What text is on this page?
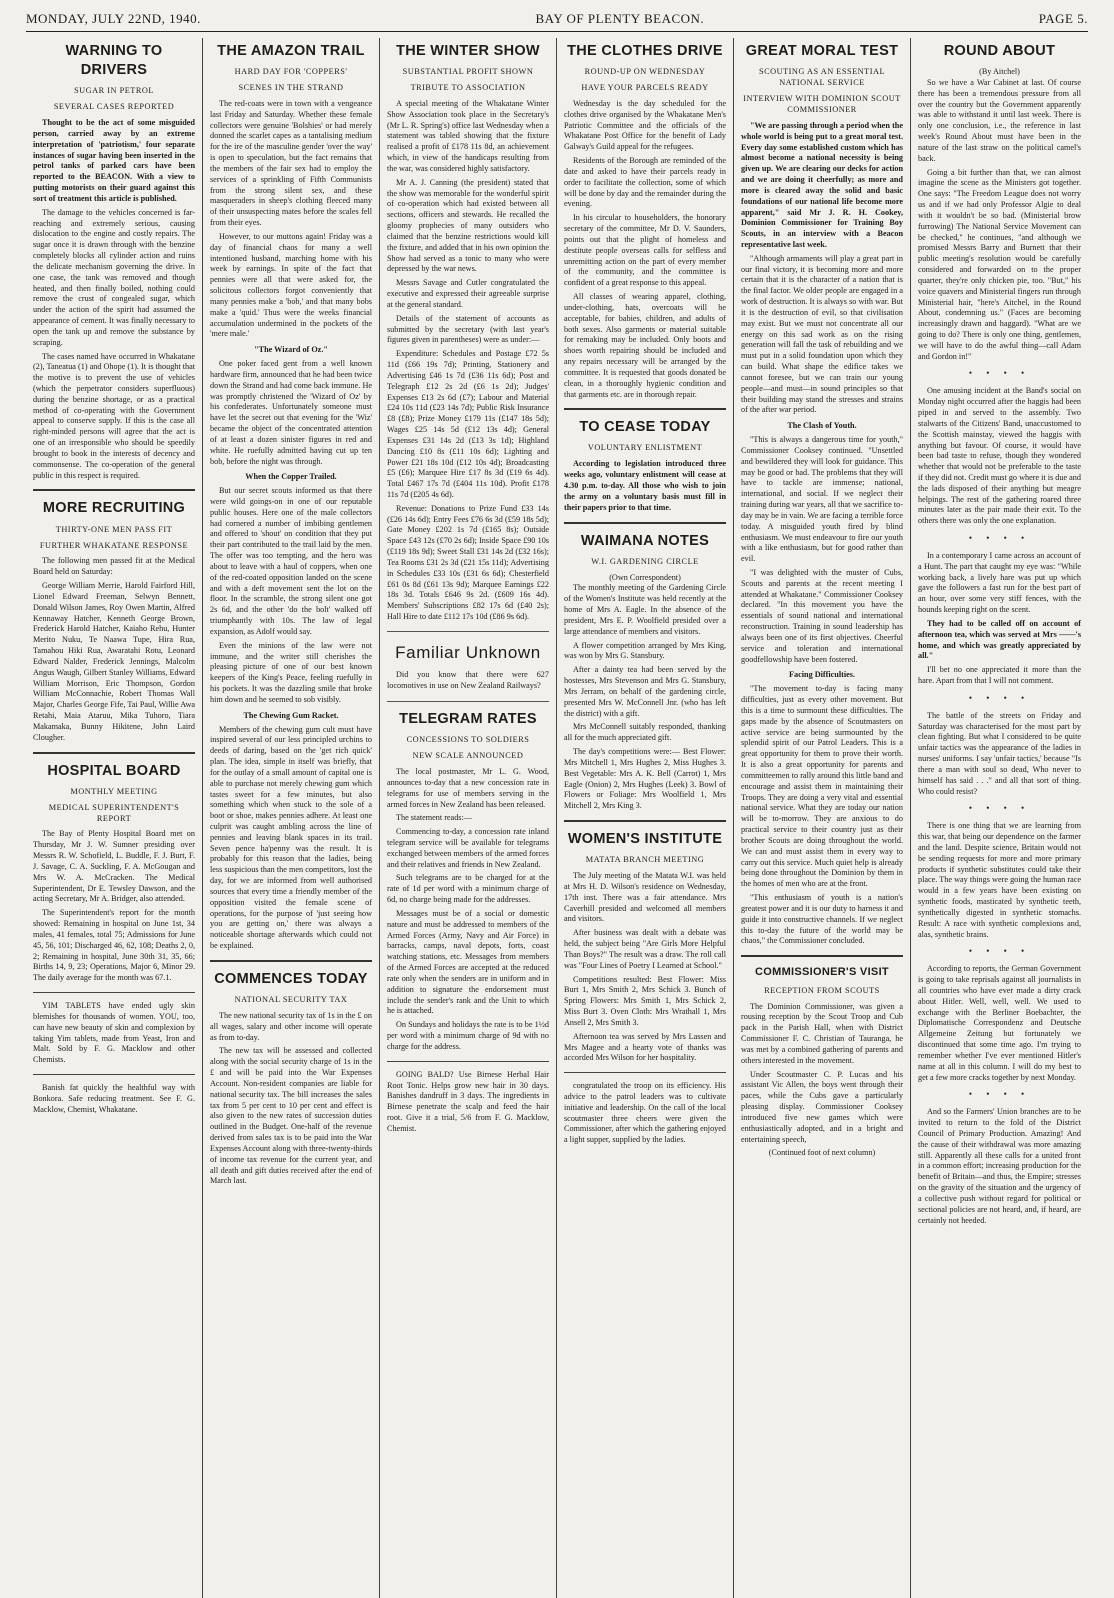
MONDAY, JULY 22ND, 1940.	BAY OF PLENTY BEACON.	PAGE 5.
WARNING TO DRIVERS
SUGAR IN PETROL
SEVERAL CASES REPORTED

Thought to be the act of some misguided person, carried away by an extreme interpretation of 'patriotism,' four separate instances of sugar having been inserted in the petrol tanks of parked cars have been reported to the BEACON. With a view to putting motorists on their guard against this sort of treatment this article is published.

The damage to the vehicles concerned is far-reaching and extremely serious, causing dislocation to the engine and costly repairs. The sugar once it is drawn through with the benzine completely blocks all cylinder action and ruins the delicate mechanism governing the drive. In one case, the tank was removed and though heated, and then finally boiled, nothing could remove the crust of congealed sugar, which under the action of the spirit had assumed the appearance of cement. It was finally necessary to open the tank up and remove the substance by scraping.

The cases named have occurred in Whakatane (2), Taneatua (1) and Ohope (1). It is thought that the motive is to prevent the use of vehicles (which the perpetrator considers superfluous) during the benzine shortage, or as a practical method of co-operating with the Government appeal to conserve supply. If this is the case all right-minded persons will agree that the act is one of an irresponsible who should be speedily brought to book in the interests of decency and commonsense. The co-operation of the general public in this respect is required.

MORE RECRUITING
THIRTY-ONE MEN PASS FIT
FURTHER WHAKATANE RESPONSE

The following men passed fit at the Medical Board held on Saturday:

George William Merrie, Harold Fairford Hill, Lionel Edward Freeman, Selwyn Bennett, Donald Wilson James, Roy Owen Martin, Alfred Kennaway Hatcher, Kenneth George Brown, Frederick Harold Hatcher, Kaiaho Rehu, Hunter Merito Nuku, Te Naawa Tupe, Hira Rua, Tamahou Hiki Rua, Awaratahi Rotu, Leonard Edward Nalder, Frederick Jennings, Malcolm Angus Waugh, Gilbert Stanley Williams, Edward William Morrison, Eric Thompson, Gordon William McConnachie, Robert Thomas Wall Major, Charles George Fife, Tai Paul, Willie Awa Retahi, Maia Ataruu, Mika Tuhoro, Tiara Makamaka, Bunny Hikitene, John Laird Clougher.

HOSPITAL BOARD
MONTHLY MEETING
MEDICAL SUPERINTENDENT'S REPORT

The Bay of Plenty Hospital Board met on Thursday, Mr J. W. Sumner presiding over Messrs R. W. Schofield, L. Buddle, F. J. Burt, F. J. Savage, C. A. Suckling, F. A. McGougan and Mrs W. A. McCracken. The Medical Superintendent, Dr E. Tewsley Dawson, and the acting Secretary, Mr A. Bridger, also attended.

The Superintendent's report for the month showed: Remaining in hospital on June 1st, 34 males, 41 females, total 75; Admissions for June 45, 56, 101; Discharged 46, 62, 108; Deaths 2, 0, 2; Remaining in hospital, June 30th 31, 35, 66; Births 14, 9, 23; Operations, Major 6, Minor 29. The daily average for the month was 67.1.

YIM TABLETS have ended ugly skin blemishes for thousands of women. YOU, too, can have new beauty of skin and complexion by taking Yim tablets, made from Yeast, Iron and Malt. Sold by F. G. Macklow and other Chemists.

Banish fat quickly the healthful way with Bonkora. Safe reducing treatment. See F. G. Macklow, Chemist, Whakatane.

THE AMAZON TRAIL
HARD DAY FOR 'COPPERS'
SCENES IN THE STRAND

The red-coats were in town with a vengeance last Friday and Saturday. Whether these female collectors were genuine 'Bolshies' or had merely donned the scarlet capes as a tantalising medium for the ire of the masculine gender 'over the way' is open to speculation, but the fact remains that the members of the fair sex had to employ the services of a sprinkling of Fifth Communists from the strong silent sex, and these masqueraders in sheep's clothing fleeced many of their unsuspecting mates before the scales fell from their eyes.

However, to our muttons again! Friday was a day of financial chaos for many a well intentioned husband, marching home with his week by earnings. In spite of the fact that pennies were all that were asked for, the solicitous collectors forgot conveniently that many pennies make a 'bob,' and that many bobs make a 'quid.' Thus were the weeks financial accumulation undermined in the pockets of the 'mere male.'

"The Wizard of Oz."

One poker faced gent from a well known hardware firm, announced that he had been twice down the Strand and had come back immune. He was promptly christened the 'Wizard of Oz' by his confederates. Unfortunately someone must have let the secret out that evening for the 'Wiz' became the object of the concentrated attention of at least a dozen sinister figures in red and white. He ruefully admitted having cut up ten bob, before the night was through.

When the Copper Trailed.

But our secret scouts informed us that there were wild goings-on in one of our reputable public houses. Here one of the male collectors had cornered a number of imbibing gentlemen and offered to 'shout' on condition that they put their part contributed to the trail laid by the men. The offer was too tempting, and the hero was about to leave with a haul of coppers, when one of the red-coated opposition landed on the scene and with a deft movement sent the lot on the floor. In the scramble, the strong silent one got 2s 6d, and the other 'do the bolt' walked off triumphantly with 10s. The law of legal expansion, as Adolf would say.

Even the minions of the law were not immune, and the writer still cherishes the pleasing picture of one of our best known keepers of the King's Peace, feeling ruefully in his pockets. It was the dazzling smile that broke him down and he seemed to sob visibly.

The Chewing Gum Racket.

Members of the chewing gum cult must have inspired several of our less principled urchins to deeds of daring, based on the 'get rich quick' plan. The idea, simple in itself was briefly, that for the outlay of a small amount of capital one is able to purchase not merely chewing gum which tastes sweet for a few minutes, but also something which when stuck to the sole of a boot or shoe, makes pennies adhere. At least one culprit was caught ambling across the line of pennies and leaving blank spaces in its trail. Seven pence ha'penny was the result. It is probably for this reason that the ladies, being less suspicious than the men competitors, lost the day, for we are informed from well authorised sources that every time a friendly member of the opposition visited the female scene of operations, for the purpose of 'just seeing how you are getting on,' there was always a noticeable shortage afterwards which could not be explained.

COMMENCES TODAY
NATIONAL SECURITY TAX

The new national security tax of 1s in the £ on all wages, salary and other income will operate as from to-day.

The new tax will be assessed and collected along with the social security charge of 1s in the £ and will be paid into the War Expenses Account. Non-resident companies are liable for national security tax. The bill increases the sales tax from 5 per cent to 10 per cent and effect is also given to the new rates of succession duties outlined in the Budget. One-half of the revenue derived from sales tax is to be paid into the War Expenses Account along with three-twenty-thirds of income tax revenue for the current year, and all death and gift duties received after the end of March last.

THE WINTER SHOW
SUBSTANTIAL PROFIT SHOWN
TRIBUTE TO ASSOCIATION

A special meeting of the Whakatane Winter Show Association took place in the Secretary's (Mr L. R. Spring's) office last Wednesday when a statement was tabled showing that the fixture realised a profit of £178 11s 8d, an achievement which, in view of the handicaps resulting from the war, was considered highly satisfactory.

Mr A. J. Canning (the president) stated that the show was memorable for the wonderful spirit of co-operation which had existed between all sections, officers and stewards. He recalled the gloomy prophecies of many outsiders who claimed that the benzine restrictions would kill the fixture, and added that in his own opinion the Show had served as a tonic to many who were depressed by the war news.

Messrs Savage and Cutler congratulated the executive and expressed their agreeable surprise at the general standard.

Details of the statement of accounts as submitted by the secretary (with last year's figures given in parentheses) were as under:—

Expenditure: Schedules and Postage £72 5s 11d (£66 19s 7d); Printing, Stationery and Advertising £46 1s 7d (£36 11s 6d); Post and Telegraph £12 2s 2d (£6 1s 2d); Judges' Expenses £13 2s 6d (£7); Labour and Material £24 10s 11d (£23 14s 7d); Public Risk Insurance £8 (£8); Prize Money £179 11s (£147 18s 5d); Wages £25 14s 5d (£12 13s 4d); General Expenses £31 14s 2d (£13 3s 1d); Highland Dancing £10 8s (£11 10s 6d); Lighting and Power £21 18s 10d (£12 10s 4d); Broadcasting £5 (£6); Marquee Hire £17 8s 3d (£19 6s 4d). Total £467 17s 7d (£404 11s 10d). Profit £178 11s 7d (£205 4s 6d).

Revenue: Donations to Prize Fund £33 14s (£26 14s 6d); Entry Fees £76 6s 3d (£59 18s 5d); Gate Money £202 1s 7d (£165 8s); Outside Space £43 12s (£70 2s 6d); Inside Space £90 10s (£119 18s 9d); Sweet Stall £31 14s 2d (£32 16s); Tea Rooms £31 2s 3d (£21 15s 11d); Advertising in Schedules £33 10s (£31 6s 6d); Chesterfield £61 0s 8d (£61 13s 9d); Marquee Earnings £22 18s 3d. Totals £646 9s 2d. (£609 16s 4d). Members' Subscriptions £82 17s 6d (£40 2s); Hall Hire to date £112 17s 10d (£86 9s 6d).

Familiar Unknown

Did you know that there were 627 locomotives in use on New Zealand Railways?

TELEGRAM RATES
CONCESSIONS TO SOLDIERS
NEW SCALE ANNOUNCED

The local postmaster, Mr L. G. Wood, announces to-day that a new concession rate in telegrams for use of members serving in the armed forces in New Zealand has been released.

The statement reads:—

Commencing to-day, a concession rate inland telegram service will be available for telegrams exchanged between members of the armed forces and their relatives and friends in New Zealand.

Such telegrams are to be charged for at the rate of 1d per word with a minimum charge of 6d, no charge being made for the addresses.

Messages must be of a social or domestic nature and must be addressed to members of the Armed Forces (Army, Navy and Air Force) in barracks, camps, naval depots, forts, coast watching stations, etc. Messages from members of the Armed Forces are accepted at the reduced rate only when the senders are in uniform and in addition to signature the endorsement must include the sender's rank and the Unit to which he is attached.

On Sundays and holidays the rate is to be 1½d per word with a minimum charge of 9d with no charge for the address.

GOING BALD? Use Birnese Herbal Hair Root Tonic. Helps grow new hair in 30 days. Banishes dandruff in 3 days. The ingredients in Birnese penetrate the scalp and feed the hair root. Give it a trial, 5/6 from F. G. Macklow, Chemist.

THE CLOTHES DRIVE
ROUND-UP ON WEDNESDAY
HAVE YOUR PARCELS READY

Wednesday is the day scheduled for the clothes drive organised by the Whakatane Men's Patriotic Committee and the officials of the Whakatane Post Office for the benefit of Lady Galway's Guild appeal for the refugees.

Residents of the Borough are reminded of the date and asked to have their parcels ready in order to facilitate the collection, some of which will be done by day and the remainder during the evening.

In his circular to householders, the honorary secretary of the committee, Mr D. V. Saunders, points out that the plight of homeless and destitute people overseas calls for selfless and unremitting action on the part of every member of the community, and the committee is confident of a great response to this appeal.

All classes of wearing apparel, clothing, under-clothing, hats, overcoats will be acceptable, for babies, children, and adults of both sexes. Also garments or material suitable for remaking may be included. Only boots and shoes worth repairing should be included and any repairs necessary will be arranged by the committee. It is requested that goods donated be clean, in a thoroughly hygienic condition and that garments etc. are in thorough repair.

TO CEASE TODAY
VOLUNTARY ENLISTMENT

According to legislation introduced three weeks ago, voluntary enlistment will cease at 4.30 p.m. to-day. All those who wish to join the army on a voluntary basis must fill in their papers prior to that time.

WAIMANA NOTES
W.I. GARDENING CIRCLE
(Own Correspondent)

The monthly meeting of the Gardening Circle of the Women's Institute was held recently at the home of Mrs A. Eagle. In the absence of the president, Mrs E. P. Woolfield presided over a large attendance of members and visitors.

A flower competition arranged by Mrs King, was won by Mrs G. Stansbury.

After a dainty tea had been served by the hostesses, Mrs Stevenson and Mrs G. Stansbury, Mrs Jerram, on behalf of the gardening circle, presented Mrs W. McConnell Jnr. (who has left the district) with a gift.

Mrs McConnell suitably responded, thanking all for the much appreciated gift.

The day's competitions were:— Best Flower: Mrs Mitchell 1, Mrs Hughes 2, Miss Hughes 3. Best Vegetable: Mrs A. K. Bell (Carrot) 1, Mrs Eagle (Onion) 2, Mrs Hughes (Leek) 3. Bowl of Flowers or Foliage: Mrs Woolfield 1, Mrs Mitchell 2, Mrs King 3.

WOMEN'S INSTITUTE
MATATA BRANCH MEETING

The July meeting of the Matata W.I. was held at Mrs H. D. Wilson's residence on Wednesday, 17th inst. There was a fair attendance. Mrs Caverhill presided and welcomed all members and visitors.

After business was dealt with a debate was held, the subject being "Are Girls More Helpful Than Boys?" The result was a draw. The roll call was "Four Lines of Poetry I Learned at School."

Competitions resulted: Best Flower: Miss Burt 1, Mrs Smith 2, Mrs Schick 3. Bunch of Spring Flowers: Mrs Smith 1, Mrs Schick 2, Miss Burt 3. Oven Cloth: Mrs Wrathall 1, Mrs Ansell 2, Mrs Smith 3.

Afternoon tea was served by Mrs Lassen and Mrs Magee and a hearty vote of thanks was accorded Mrs Wilson for her hospitality.

congratulated the troop on its efficiency. His advice to the patrol leaders was to cultivate initiative and leadership. On the call of the local scoutmaster three cheers were given the Commissioner, after which the gathering enjoyed a light supper, supplied by the ladies.

GREAT MORAL TEST
SCOUTING AS AN ESSENTIAL NATIONAL SERVICE
INTERVIEW WITH DOMINION SCOUT COMMISSIONER

"We are passing through a period when the whole world is being put to a great moral test. Every day some established custom which has almost become a national necessity is being given up. We are clearing our decks for action and we are doing it cheerfully; as more and more is cleared away the solid and basic foundations of our national life become more apparent," said Mr J. R. H. Cookey, Dominion Commissioner for Training Boy Scouts, in an interview with a Beacon representative last week.

"Although armaments will play a great part in our final victory, it is becoming more and more certain that it is the character of a nation that is the final factor. We older people are engaged in a work of destruction. It is always so with war. But it is the destruction of evil, so that civilisation may exist. But we must not concentrate all our energy on this sad work as on the rising generation will fall the task of rebuilding and we must put in a solid foundation upon which they can build. What shape the edifice takes we cannot foresee, but we can train our young people—and must—in sound principles so that their building may stand the stresses and strains of the after war period.

The Clash of Youth.

"This is always a dangerous time for youth," Commissioner Cooksey continued. "Unsettled and bewildered they will look for guidance. This may be good or bad. The problems that they will have to tackle are immense; national, international, and social. If we neglect their training during war years, all that we sacrifice to-day may be in vain. We are facing a terrible force today. A misguided youth fired by blind enthusiasm. We must endeavour to fire our youth with a like enthusiasm, but for good rather than evil.

"I was delighted with the muster of Cubs, Scouts and parents at the recent meeting I attended at Whakatane." Commissioner Cooksey declared. "In this movement you have the essentials of sound national and international reconstruction. Training in sound leadership has always been one of its first objectives. Cheerful service and toleration and international goodfellowship have been fostered.

Facing Difficulties.

"The movement to-day is facing many difficulties, just as every other movement. But this is a time to surmount these difficulties. The gaps made by the absence of Scoutmasters on active service are being surmounted by the splendid spirit of our Patrol Leaders. This is a great opportunity for them to prove their worth. It is also a great opportunity for parents and committeemen to rally around this little band and encourage and assist them in maintaining their Troops. They are doing a very vital and essential national service. What they are today our nation will be to-morrow. They are anxious to do practical service to their country just as their brother Scouts are doing throughout the world. We can and must assist them in every way to carry out this service. Much quiet help is already being done throughout the Dominion by them in the homes of men who are at the front.

"This enthusiasm of youth is a nation's greatest power and it is our duty to harness it and guide it into constructive channels. If we neglect this to-day the future of the world may be chaos," the Commissioner concluded.

COMMISSIONER'S VISIT
RECEPTION FROM SCOUTS

The Dominion Commissioner, was given a rousing reception by the Scout Troop and Cub pack in the Parish Hall, when with District Commissioner F. C. Christian of Tauranga, he was met by a combined gathering of parents and others interested in the movement.

Under Scoutmaster C. P. Lucas and his assistant Vic Allen, the boys went through their paces, while the Cubs gave a particularly pleasing display. Commissioner Cooksey introduced five new games which were enthusiastically adopted, and in a bright and entertaining speech,

(Continued foot of next column)
ROUND ABOUT
(By Aitchel)

So we have a War Cabinet at last. Of course there has been a tremendous pressure from all over the country but the Government apparently was able to withstand it until last week. There is only one conclusion, i.e., the reference in last week's Round About must have been in the nature of the last straw on the political camel's back.

Going a bit further than that, we can almost imagine the scene as the Ministers got together. One says: "The Freedom League does not worry us and if we had only Professor Algie to deal with it wouldn't be so bad. (Ministerial brow furrowing) The National Service Movement can be checked," he continues, "and although we promised Messrs Barry and Burnett that their public meeting's resolution would be carefully considered and forwarded on to the proper quarter, they're only chicken pie, too. "But," his voice quavers and Ministerial fingers run through Ministerial hair, "here's Aitchel, in the Round About, condemning us." (Faces are becoming increasingly drawn and haggard). "What are we going to do? There is only one thing, gentlemen, we will have to do the awful thing—call Adam and Gordon in!"

• • • •

One amusing incident at the Band's social on Monday night occurred after the haggis had been piped in and served to the assembly. Two stalwarts of the Citizens' Band, unaccustomed to the Scottish mainstay, viewed the haggis with anything but favour. Of course, it would have been bad taste to refuse, though they wondered whether that would not be preferable to the taste if they did not. Credit must go where it is due and the lads disposed of their anything but meagre helpings. The rest of the gathering roared three minutes later as the pair made their exit. To the others there was only the one explanation.

• • • •

In a contemporary I came across an account of a Hunt. The part that caught my eye was: "While working back, a lively hare was put up which gave the followers a fast run for the best part of an hour, over some very stiff fences, with the hounds keeping right on the scent.

They had to be called off on account of afternoon tea, which was served at Mrs ——'s home, and which was greatly appreciated by all."

I'll bet no one appreciated it more than the hare. Apart from that I will not comment.

• • • •

The battle of the streets on Friday and Saturday was characterised for the most part by clean fighting. But what I considered to be quite unfair tactics was the appearance of the ladies in nurses' uniforms. I say 'unfair tactics,' because "Is there a man with soul so dead, Who never to himself has said . . ." and all that sort of thing. Who could resist?

• • • •

There is one thing that we are learning from this war, that being our dependence on the farmer and the land. Despite science, Britain would not be sending requests for more and more primary products if synthetic substitutes could take their place. The way things were going the human race would in a few years have been existing on synthetic foods, masticated by synthetic teeth, synthetically digested in synthetic stomachs. Result: A race with synthetic complexions and, alas, synthetic brains.

• • • •

According to reports, the German Government is going to take reprisals against all journalists in all countries who have ever made a dirty crack about Hitler. Well, well, well. We used to exchange with the Berliner Boebachter, the Diplomatische Correspondenz and Deutsche Allgemeine Zeitung but fortunately we discontinued that some time ago. I'm trying to remember whether I've ever mentioned Hitler's name at all in this column. I will do my best to get a few more cracks together by next Monday.

• • • •

And so the Farmers' Union branches are to be invited to return to the fold of the District Council of Primary Production. Amazing! And the cause of their withdrawal was more amazing still. Apparently all these calls for a united front in a common effort; increasing production for the benefit of Britain—and thus, the Empire; stresses on the gravity of the situation and the urgency of a collective push without regard for political or sectional policies are not heard, and, if heard, are certainly not heeded.
